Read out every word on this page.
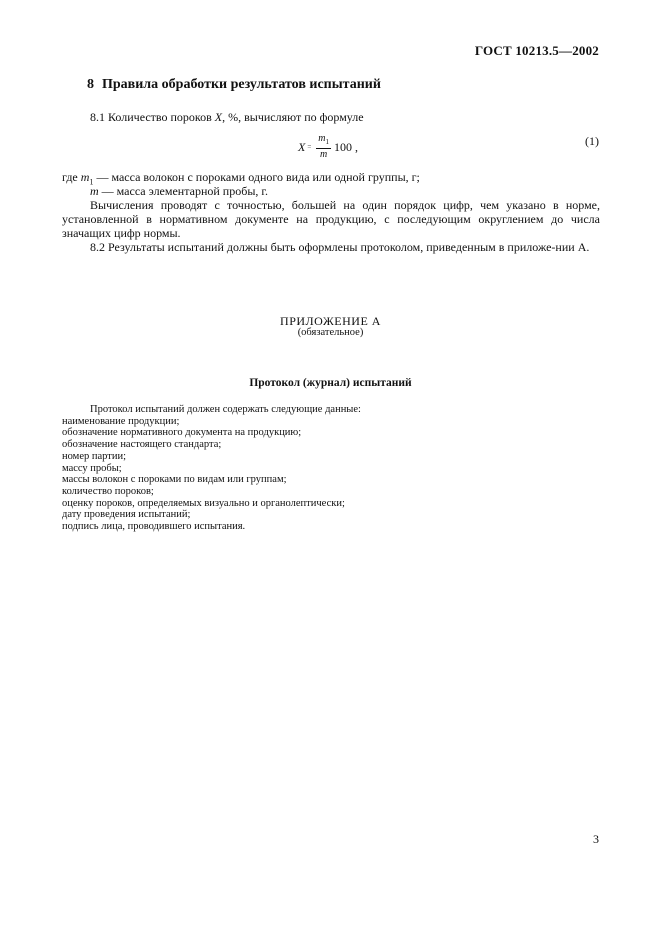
ГОСТ 10213.5—2002
8 Правила обработки результатов испытаний
8.1 Количество пороков X, %, вычисляют по формуле
$X = \frac{m_1}{m} 100$ ,	(1)
где $m_1$ — масса волокон с пороками одного вида или одной группы, г;
m — масса элементарной пробы, г.
Вычисления проводят с точностью, большей на один порядок цифр, чем указано в норме, установленной в нормативном документе на продукцию, с последующим округлением до числа значащих цифр нормы.
8.2 Результаты испытаний должны быть оформлены протоколом, приведенным в приложе-нии А.
ПРИЛОЖЕНИЕ А
(обязательное)
Протокол (журнал) испытаний
Протокол испытаний должен содержать следующие данные:
наименование продукции;
обозначение нормативного документа на продукцию;
обозначение настоящего стандарта;
номер партии;
массу пробы;
массы волокон с пороками по видам или группам;
количество пороков;
оценку пороков, определяемых визуально и органолептически;
дату проведения испытаний;
подпись лица, проводившего испытания.
3
